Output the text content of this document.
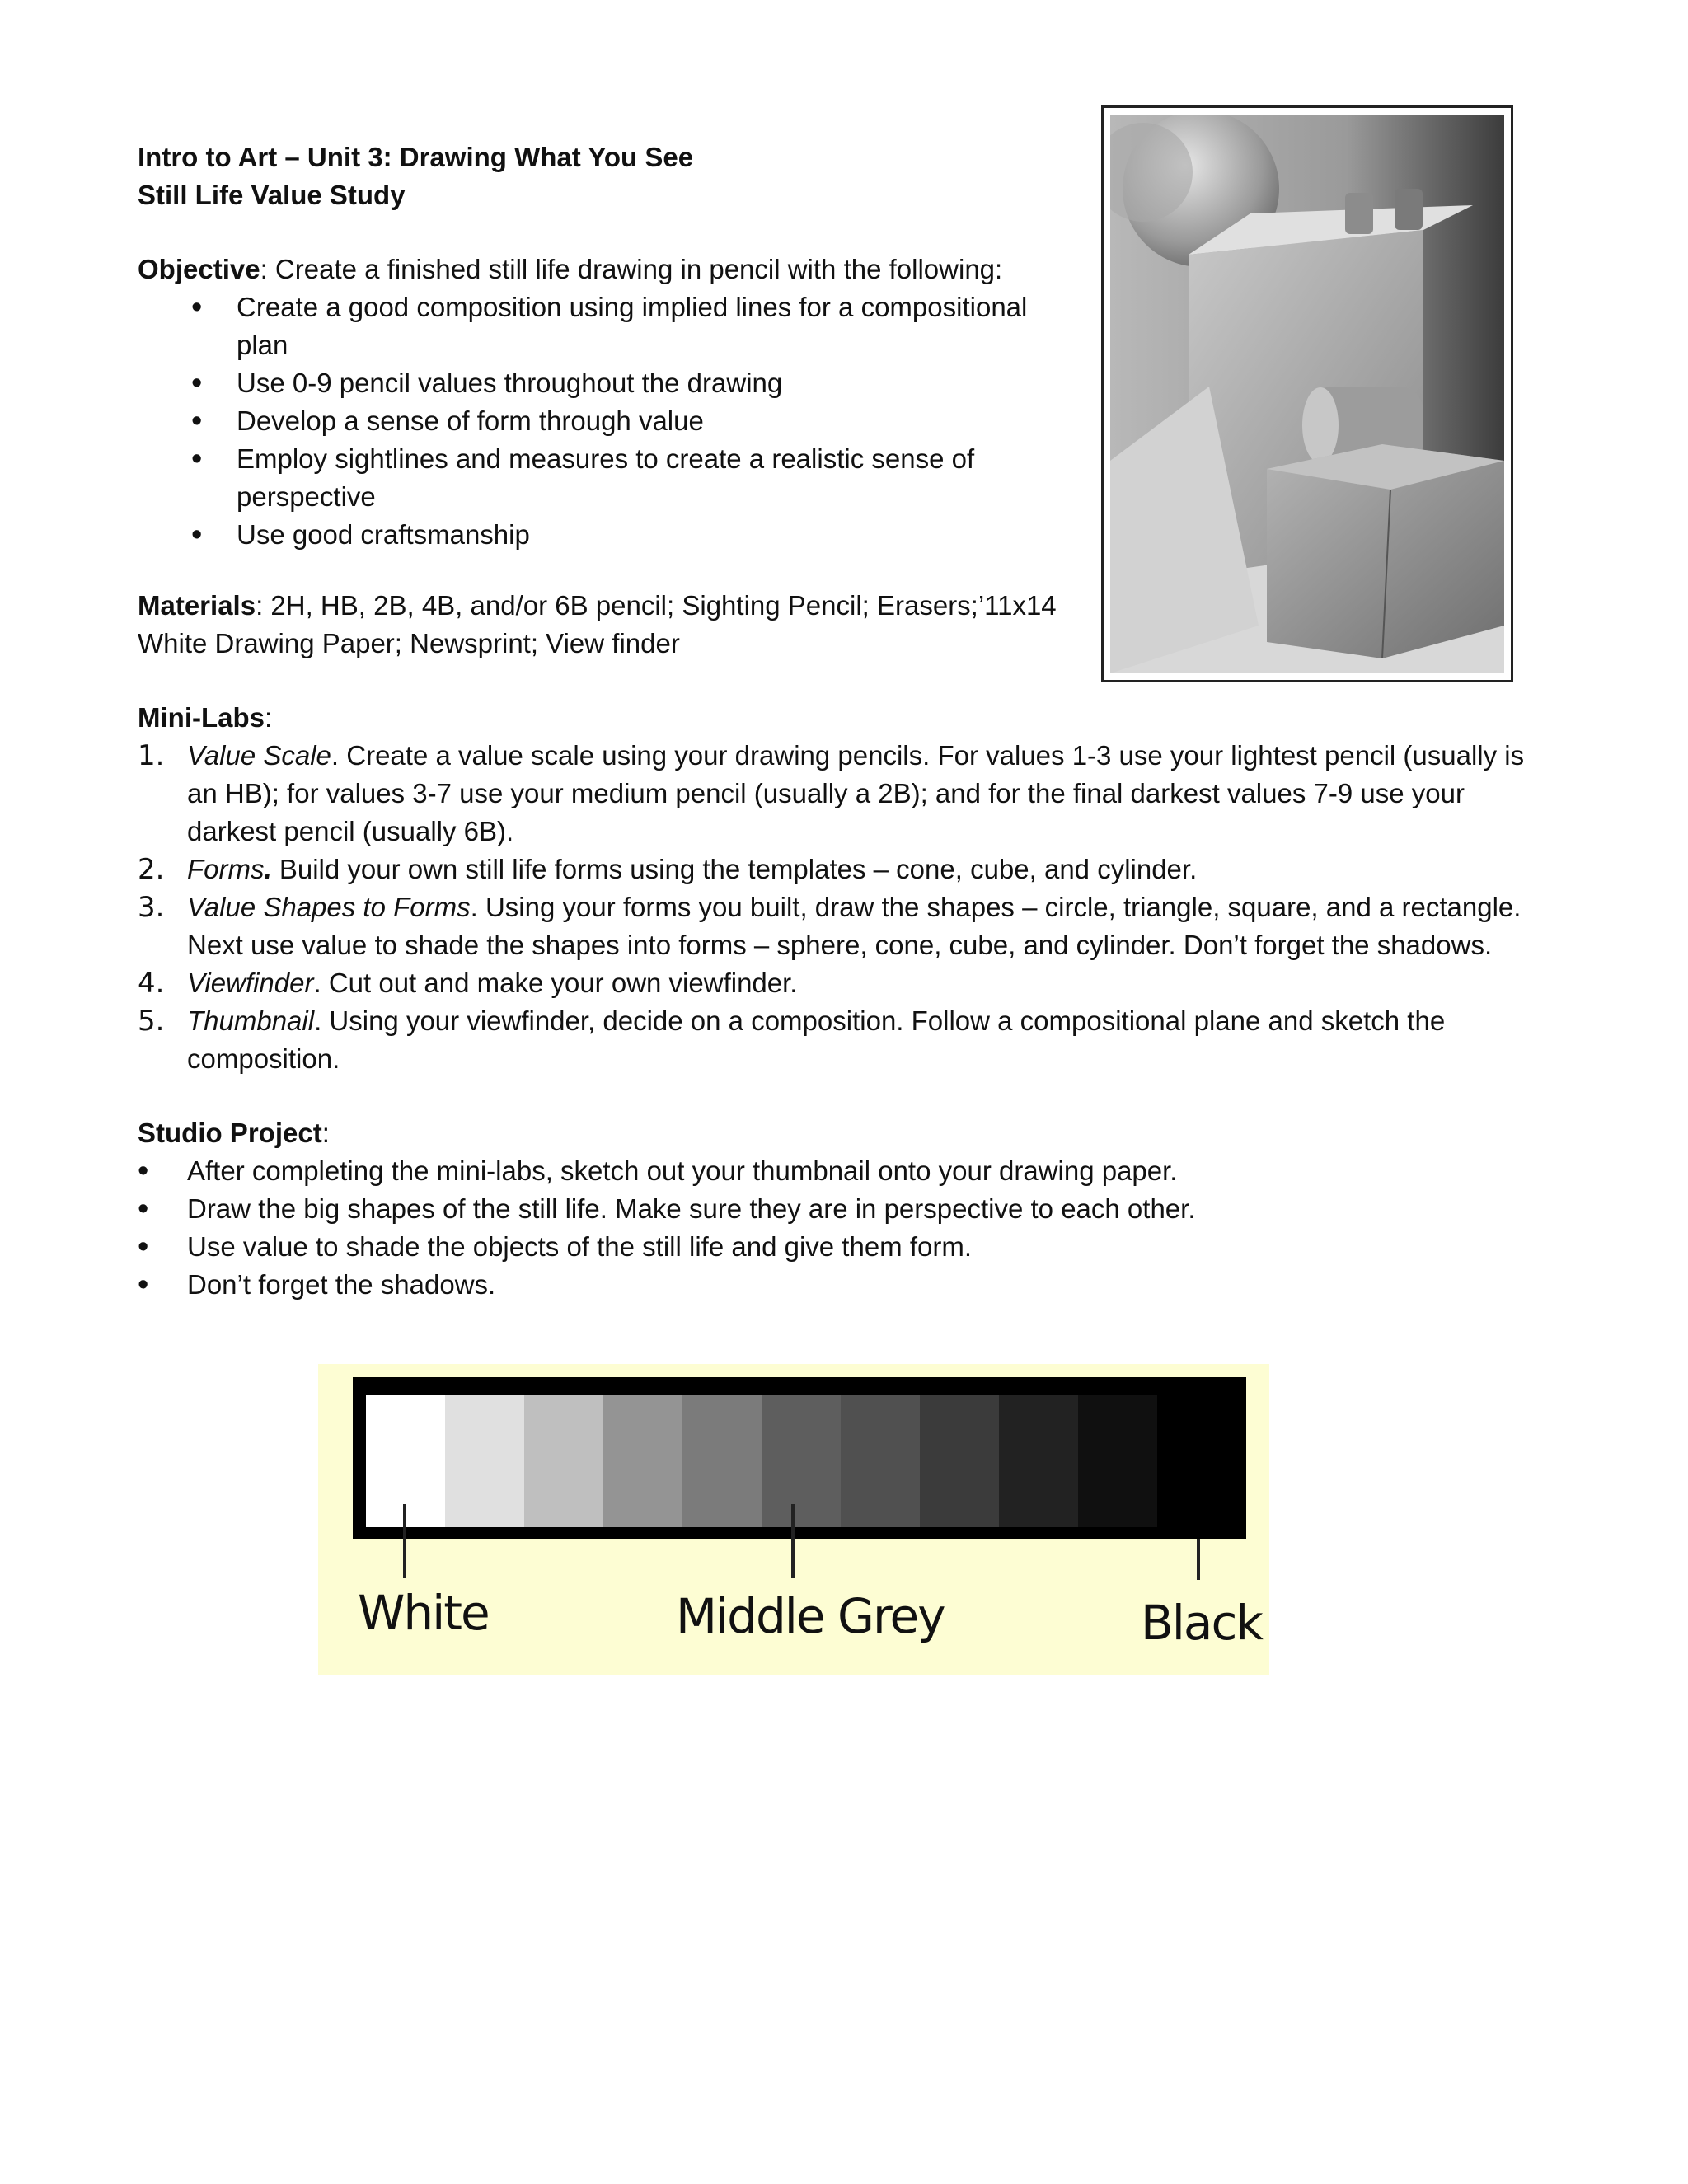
Intro to Art – Unit 3: Drawing What You See
Still Life Value Study
Objective: Create a finished still life drawing in pencil with the following:
• Create a good composition using implied lines for a compositional plan
• Use 0-9 pencil values throughout the drawing
• Develop a sense of form through value
• Employ sightlines and measures to create a realistic sense of perspective
• Use good craftsmanship
Materials: 2H, HB, 2B, 4B, and/or 6B pencil; Sighting Pencil; Erasers;’11x14 White Drawing Paper; Newsprint; View finder
Mini-Labs:
1. Value Scale. Create a value scale using your drawing pencils. For values 1-3 use your lightest pencil (usually is an HB); for values 3-7 use your medium pencil (usually a 2B); and for the final darkest values 7-9 use your darkest pencil (usually 6B).
2. Forms. Build your own still life forms using the templates – cone, cube, and cylinder.
3. Value Shapes to Forms. Using your forms you built, draw the shapes – circle, triangle, square, and a rectangle. Next use value to shade the shapes into forms – sphere, cone, cube, and cylinder. Don’t forget the shadows.
4. Viewfinder. Cut out and make your own viewfinder.
5. Thumbnail. Using your viewfinder, decide on a composition. Follow a compositional plane and sketch the composition.
Studio Project:
• After completing the mini-labs, sketch out your thumbnail onto your drawing paper.
• Draw the big shapes of the still life. Make sure they are in perspective to each other.
• Use value to shade the objects of the still life and give them form.
• Don’t forget the shadows.
White	Middle Grey	Black
